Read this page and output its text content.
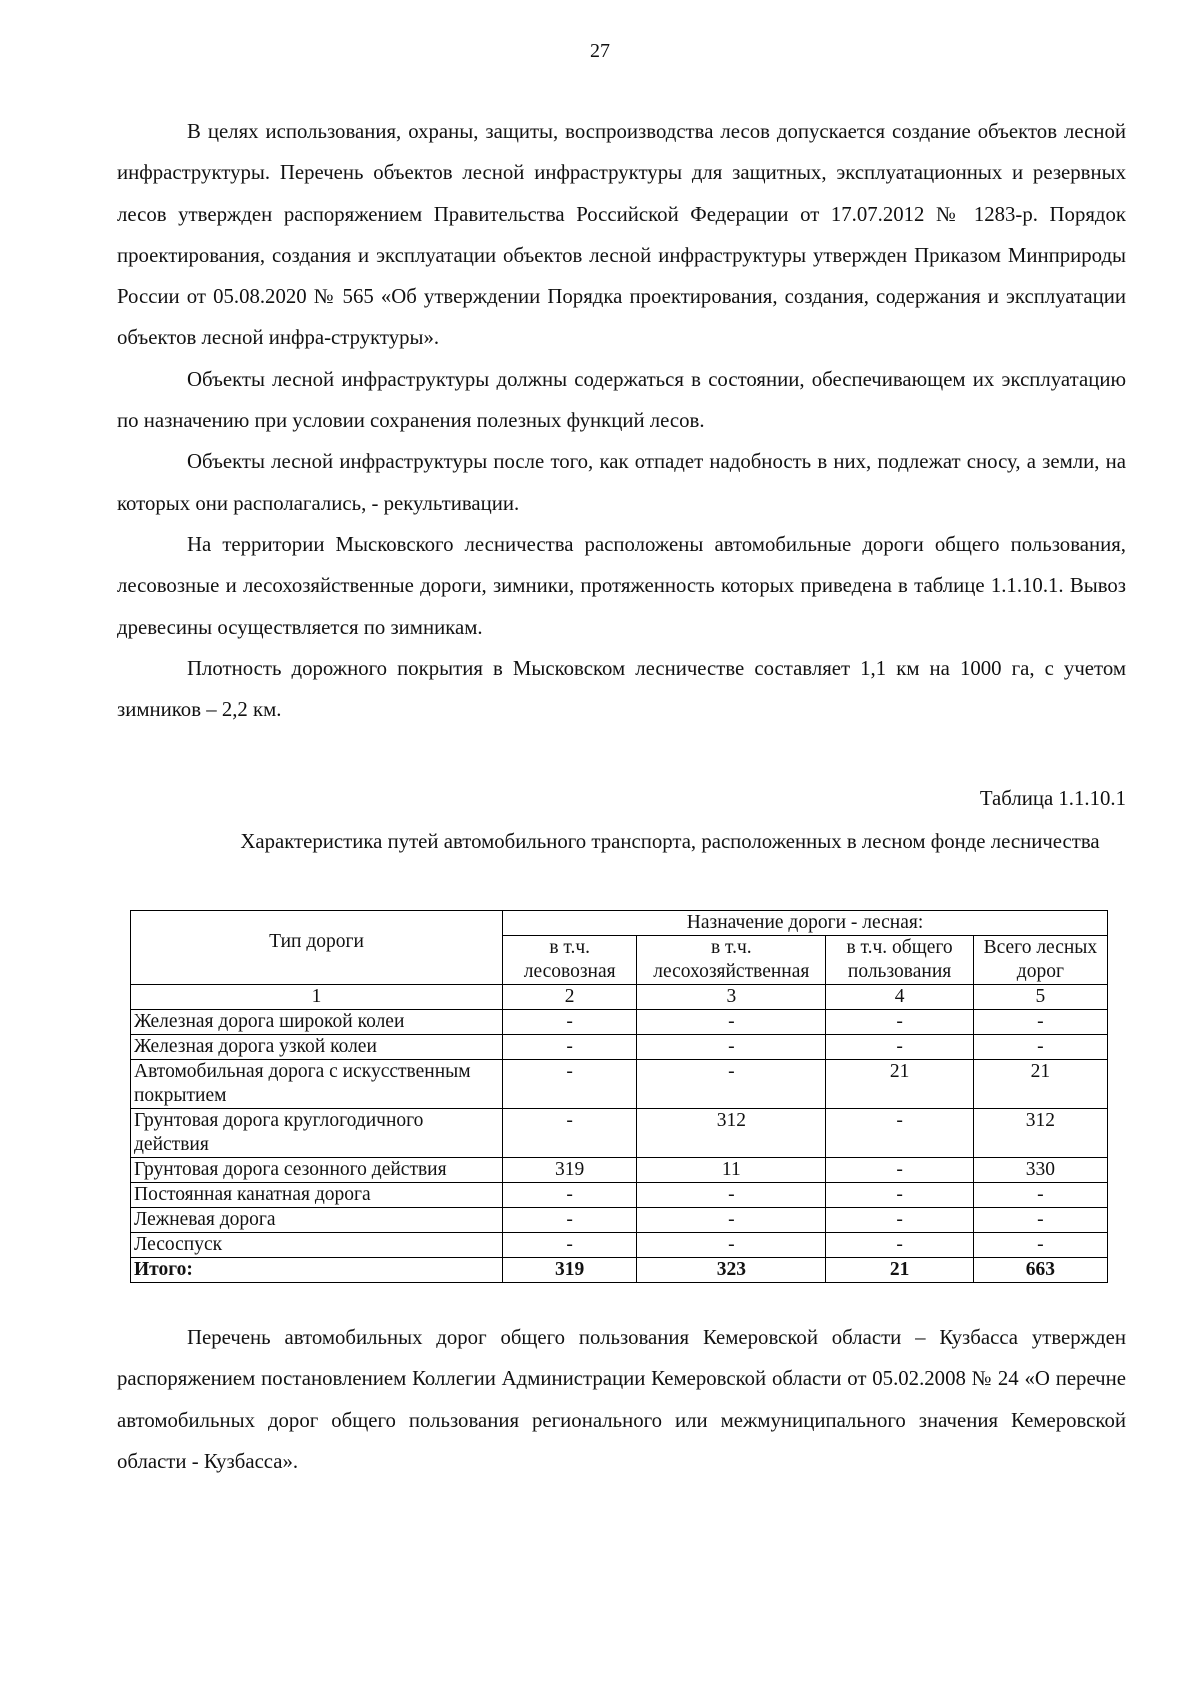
27

В целях использования, охраны, защиты, воспроизводства лесов допускается создание объектов лесной инфраструктуры. Перечень объектов лесной инфраструктуры для защитных, эксплуатационных и резервных лесов утвержден распоряжением Правительства Российской Федерации от 17.07.2012 № 1283-р. Порядок проектирования, создания и эксплуатации объектов лесной инфраструктуры утвержден Приказом Минприроды России от 05.08.2020 № 565 «Об утверждении Порядка проектирования, создания, содержания и эксплуатации объектов лесной инфра-структуры».

Объекты лесной инфраструктуры должны содержаться в состоянии, обеспечивающем их эксплуатацию по назначению при условии сохранения полезных функций лесов.

Объекты лесной инфраструктуры после того, как отпадет надобность в них, подлежат сносу, а земли, на которых они располагались, - рекультивации.

На территории Мысковского лесничества расположены автомобильные дороги общего пользования, лесовозные и лесохозяйственные дороги, зимники, протяженность которых приведена в таблице 1.1.10.1. Вывоз древесины осуществляется по зимникам.

Плотность дорожного покрытия в Мысковском лесничестве составляет 1,1 км на 1000 га, с учетом зимников – 2,2 км.

Таблица 1.1.10.1
Характеристика путей автомобильного транспорта, расположенных в лесном фонде лесничества
Тип дороги	Назначение дороги - лесная:			
	в т.ч. лесовозная	в т.ч. лесохозяйственная	в т.ч. общего пользования	Всего лесных дорог
1	2	3	4	5
Железная дорога широкой колеи	-	-	-	-
Железная дорога узкой колеи	-	-	-	-
Автомобильная дорога с искусственным покрытием	-	-	21	21
Грунтовая дорога круглогодичного действия	-	312	-	312
Грунтовая дорога сезонного действия	319	11	-	330
Постоянная канатная дорога	-	-	-	-
Лежневая дорога	-	-	-	-
Лесоспуск	-	-	-	-
Итого:	319	323	21	663

Перечень автомобильных дорог общего пользования Кемеровской области – Кузбасса утвержден распоряжением постановлением Коллегии Администрации Кемеровской области от 05.02.2008 № 24 «О перечне автомобильных дорог общего пользования регионального или межмуниципального значения Кемеровской области - Кузбасса».
